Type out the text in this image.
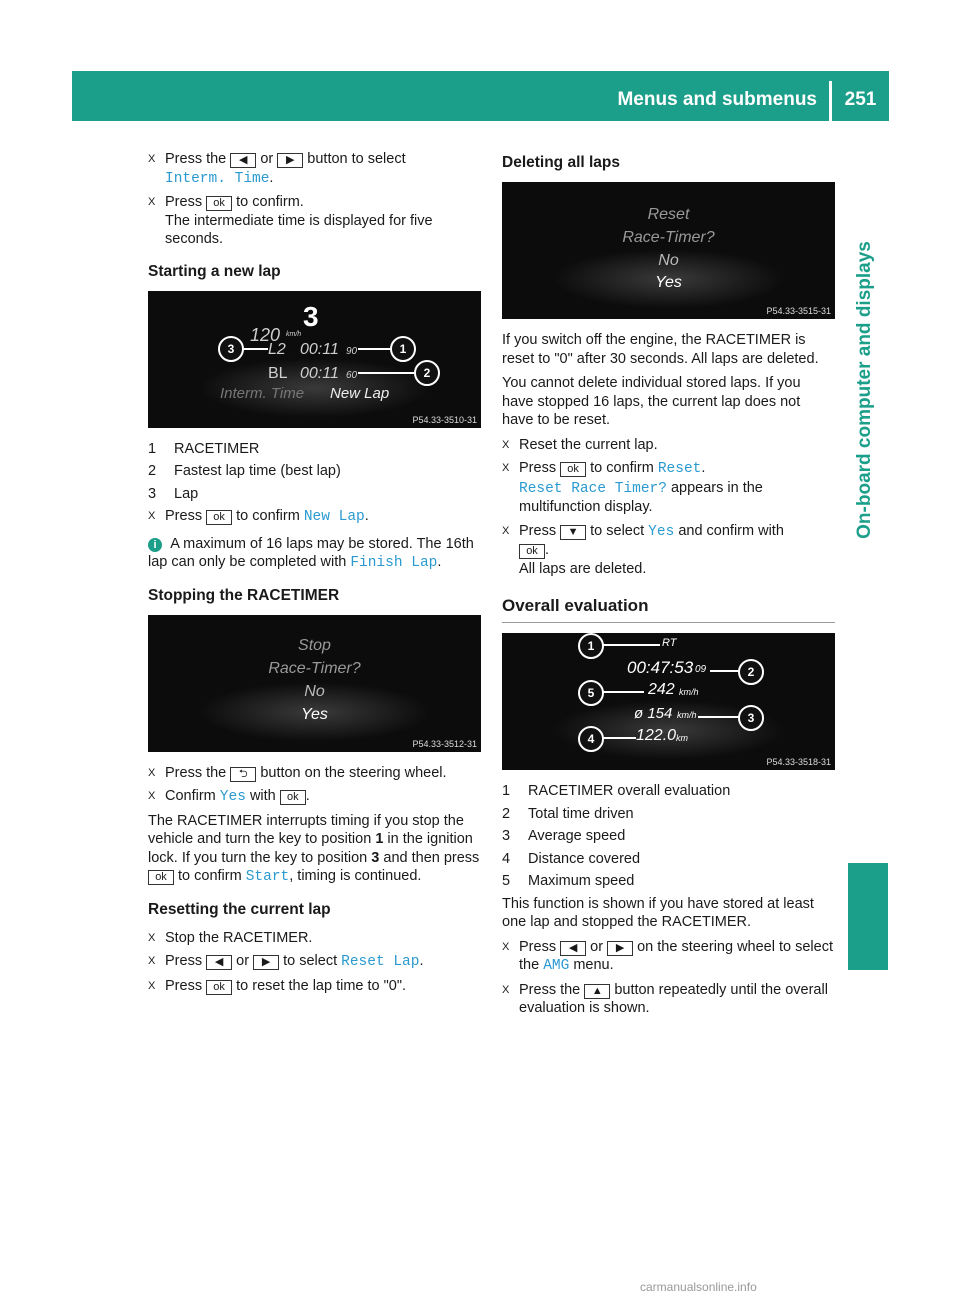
Menus and submenus	251
On-board computer and displays
X Press the ◀ or ▶ button to select
Interm. Time.
X Press ok to confirm.
The intermediate time is displayed for five seconds.
Starting a new lap
120 km/h
3
L2 00:11 90
BL 00:11 60
Interm. Time New Lap
3	1
2
P54.33-3510-31
1	RACETIMER
2	Fastest lap time (best lap)
3	Lap
X Press ok to confirm New Lap.

i A maximum of 16 laps may be stored. The 16th lap can only be completed with Finish Lap.

Stopping the RACETIMER
Stop
Race-Timer?
No
Yes
P54.33-3512-31
X Press the ⮌ button on the steering wheel.
X Confirm Yes with ok .

The RACETIMER interrupts timing if you stop the vehicle and turn the key to position 1 in the ignition lock. If you turn the key to position 3 and then press ok to confirm Start, timing is continued.

Resetting the current lap
X Stop the RACETIMER.
X Press ◀ or ▶ to select Reset Lap.
X Press ok to reset the lap time to "0".
Deleting all laps
Reset
Race-Timer?
No
Yes
P54.33-3515-31

If you switch off the engine, the RACETIMER is reset to "0" after 30 seconds. All laps are deleted.

You cannot delete individual stored laps. If you have stopped 16 laps, the current lap does not have to be reset.

X Reset the current lap.
X Press ok to confirm Reset.
Reset Race Timer? appears in the multifunction display.
X Press ▼ to select Yes and confirm with
ok .
All laps are deleted.
Overall evaluation
RT
00:47:53 09
242 km/h
ø 154 km/h
122.0 km
1
2
5
3
4
P54.33-3518-31
1	RACETIMER overall evaluation
2	Total time driven
3	Average speed
4	Distance covered
5	Maximum speed

This function is shown if you have stored at least one lap and stopped the RACETIMER.

X Press ◀ or ▶ on the steering wheel to select the AMG menu.
X Press the ▲ button repeatedly until the overall evaluation is shown.
carmanualsonline.info
